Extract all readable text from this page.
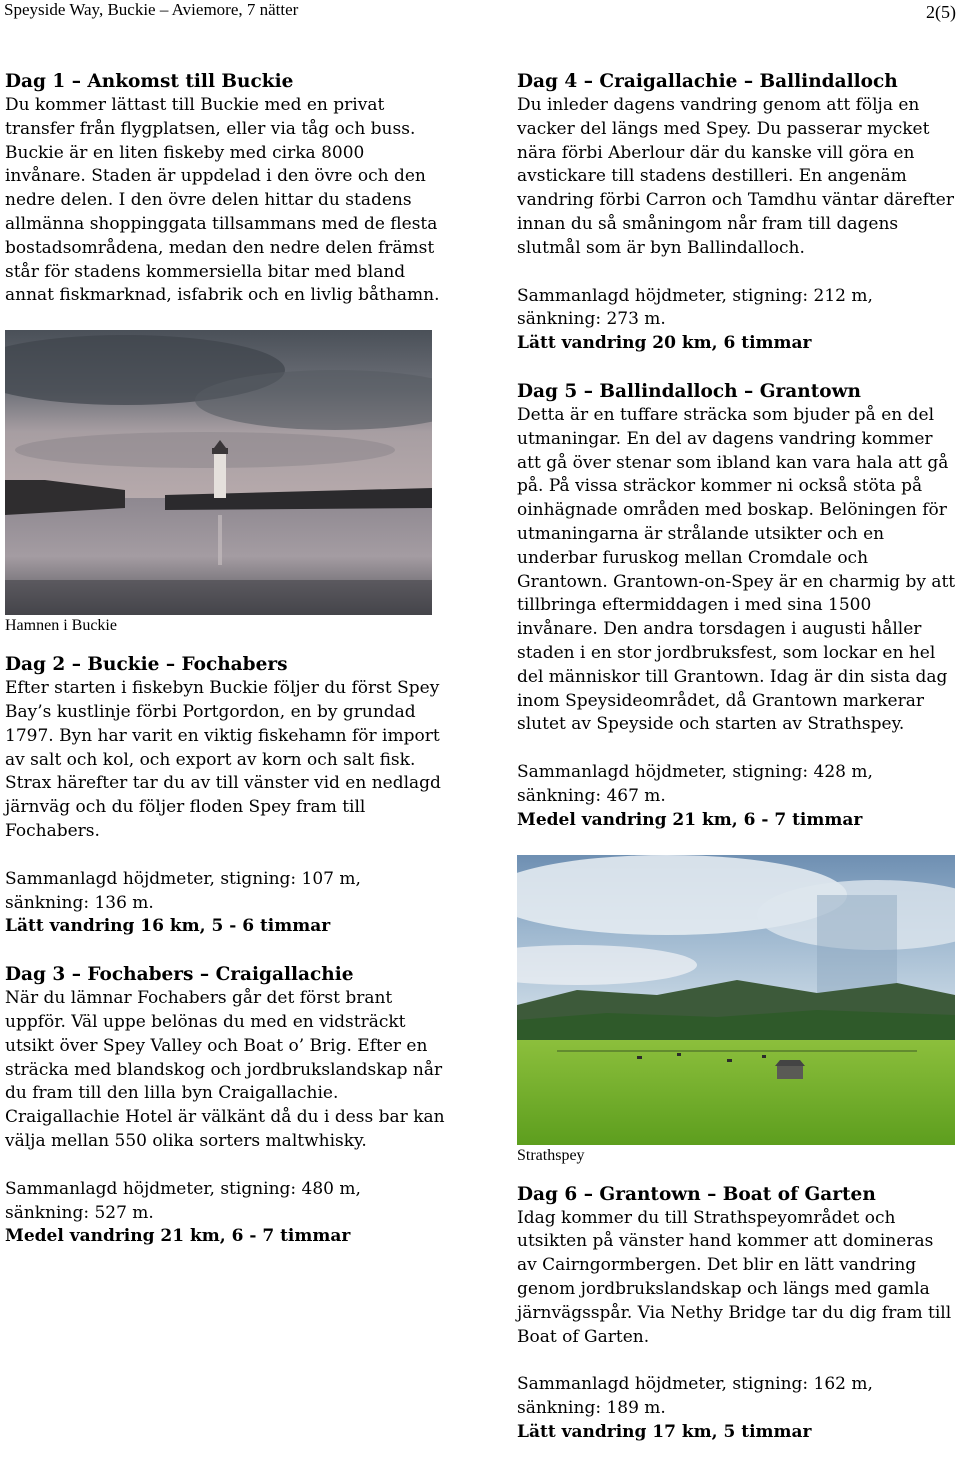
Speyside Way, Buckie – Aviemore, 7 nätter	2(5)

Dag 1 – Ankomst till Buckie

Du kommer lättast till Buckie med en privat transfer från flygplatsen, eller via tåg och buss. Buckie är en liten fiskeby med cirka 8000 invånare. Staden är uppdelad i den övre och den nedre delen. I den övre delen hittar du stadens allmänna shoppinggata tillsammans med de flesta bostadsområdena, medan den nedre delen främst står för stadens kommersiella bitar med bland annat fiskmarknad, isfabrik och en livlig båthamn.

Hamnen i Buckie

Dag 2 – Buckie – Fochabers

Efter starten i fiskebyn Buckie följer du först Spey Bay’s kustlinje förbi Portgordon, en by grundad 1797. Byn har varit en viktig fiskehamn för import av salt och kol, och export av korn och salt fisk. Strax härefter tar du av till vänster vid en nedlagd järnväg och du följer floden Spey fram till Fochabers.

Sammanlagd höjdmeter, stigning: 107 m, sänkning: 136 m.

Lätt vandring 16 km, 5 - 6 timmar

Dag 3 – Fochabers – Craigallachie

När du lämnar Fochabers går det först brant uppför. Väl uppe belönas du med en vidsträckt utsikt över Spey Valley och Boat o’ Brig. Efter en sträcka med blandskog och jordbrukslandskap når du fram till den lilla byn Craigallachie. Craigallachie Hotel är välkänt då du i dess bar kan välja mellan 550 olika sorters maltwhisky.

Sammanlagd höjdmeter, stigning: 480 m, sänkning: 527 m.

Medel vandring 21 km, 6 - 7 timmar

Dag 4 – Craigallachie – Ballindalloch

Du inleder dagens vandring genom att följa en vacker del längs med Spey. Du passerar mycket nära förbi Aberlour där du kanske vill göra en avstickare till stadens destilleri. En angenäm vandring förbi Carron och Tamdhu väntar därefter innan du så småningom når fram till dagens slutmål som är byn Ballindalloch.

Sammanlagd höjdmeter, stigning: 212 m, sänkning: 273 m.

Lätt vandring 20 km, 6 timmar

Dag 5 – Ballindalloch – Grantown

Detta är en tuffare sträcka som bjuder på en del utmaningar. En del av dagens vandring kommer att gå över stenar som ibland kan vara hala att gå på. På vissa sträckor kommer ni också stöta på oinhägnade områden med boskap. Belöningen för utmaningarna är strålande utsikter och en underbar furuskog mellan Cromdale och Grantown. Grantown-on-Spey är en charmig by att tillbringa eftermiddagen i med sina 1500 invånare. Den andra torsdagen i augusti håller staden i en stor jordbruksfest, som lockar en hel del människor till Grantown. Idag är din sista dag inom Speysideområdet, då Grantown markerar slutet av Speyside och starten av Strathspey.

Sammanlagd höjdmeter, stigning: 428 m, sänkning: 467 m.

Medel vandring 21 km, 6 - 7 timmar

Strathspey

Dag 6 – Grantown – Boat of Garten

Idag kommer du till Strathspeyområdet och utsikten på vänster hand kommer att domineras av Cairngormbergen. Det blir en lätt vandring genom jordbrukslandskap och längs med gamla järnvägsspår. Via Nethy Bridge tar du dig fram till Boat of Garten.

Sammanlagd höjdmeter, stigning: 162 m, sänkning: 189 m.

Lätt vandring 17 km, 5 timmar
